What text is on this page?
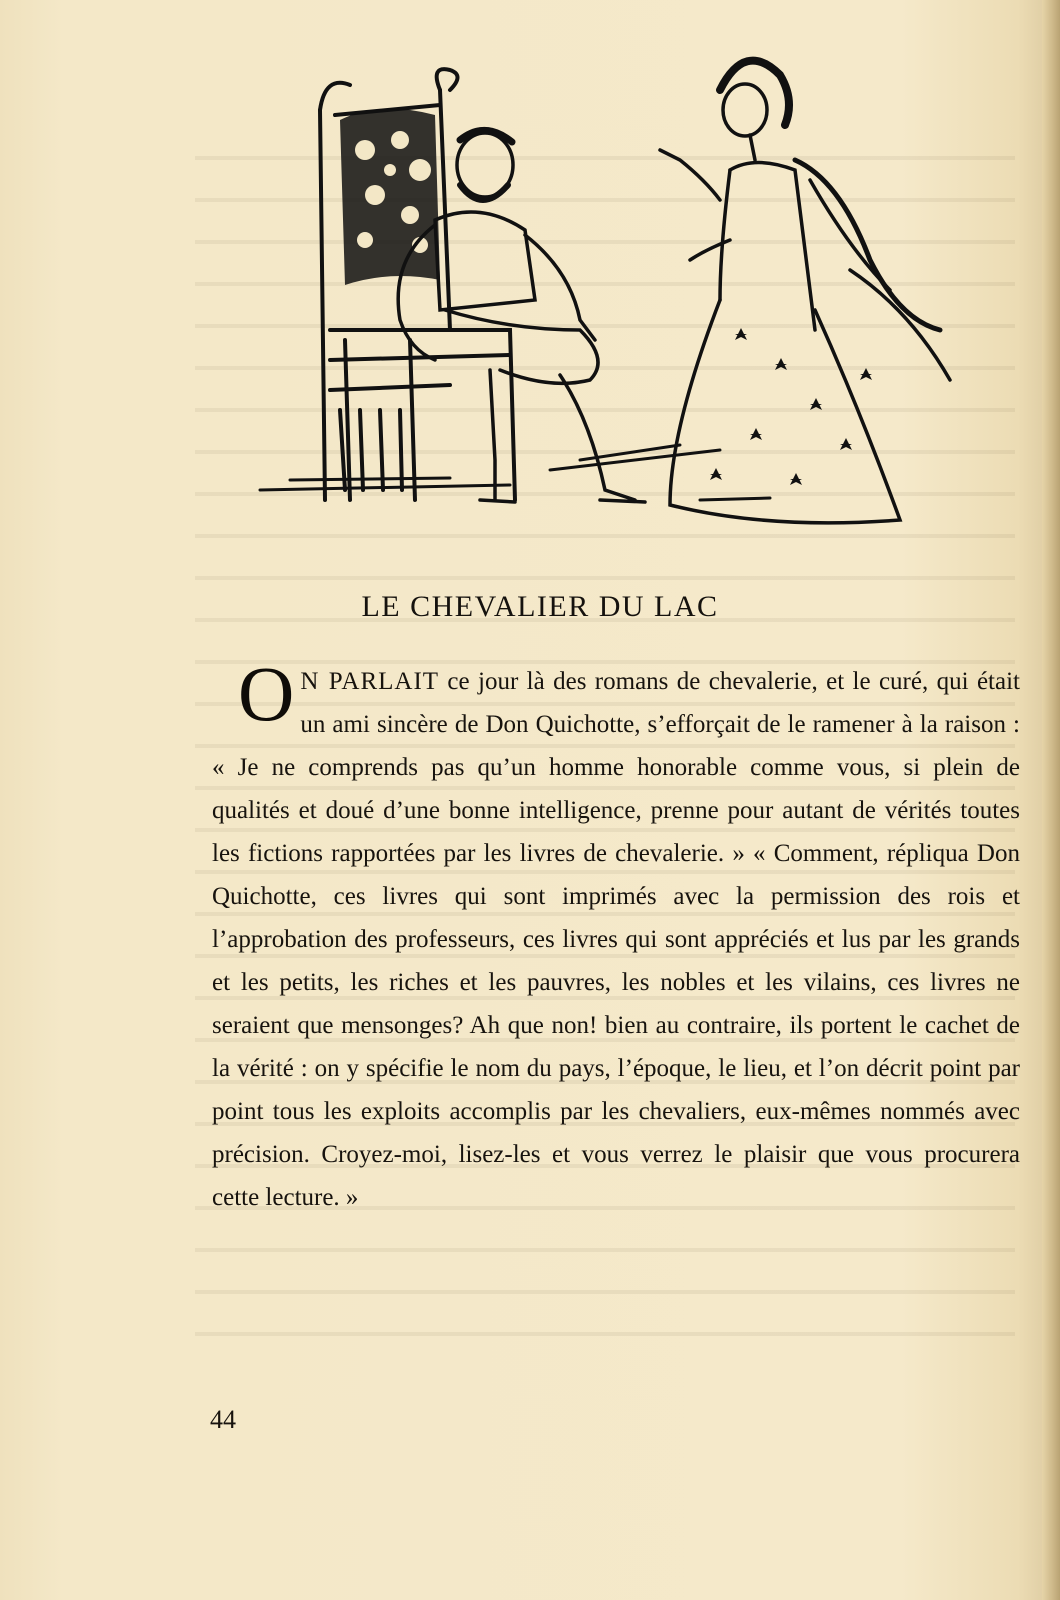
LE CHEVALIER DU LAC
O N PARLAIT ce jour là des romans de chevalerie, et le curé, qui était un ami sincère de Don Quichotte, s’efforçait de le ramener à la raison : « Je ne comprends pas qu’un homme honorable comme vous, si plein de qualités et doué d’une bonne intelligence, prenne pour autant de vérités toutes les fictions rapportées par les livres de chevalerie. » « Comment, répliqua Don Quichotte, ces livres qui sont imprimés avec la permission des rois et l’approbation des professeurs, ces livres qui sont appréciés et lus par les grands et les petits, les riches et les pauvres, les nobles et les vilains, ces livres ne seraient que mensonges? Ah que non! bien au contraire, ils portent le cachet de la vérité : on y spécifie le nom du pays, l’époque, le lieu, et l’on décrit point par point tous les exploits accomplis par les chevaliers, eux-mêmes nommés avec précision. Croyez-moi, lisez-les et vous verrez le plaisir que vous procurera cette lecture. »
44
